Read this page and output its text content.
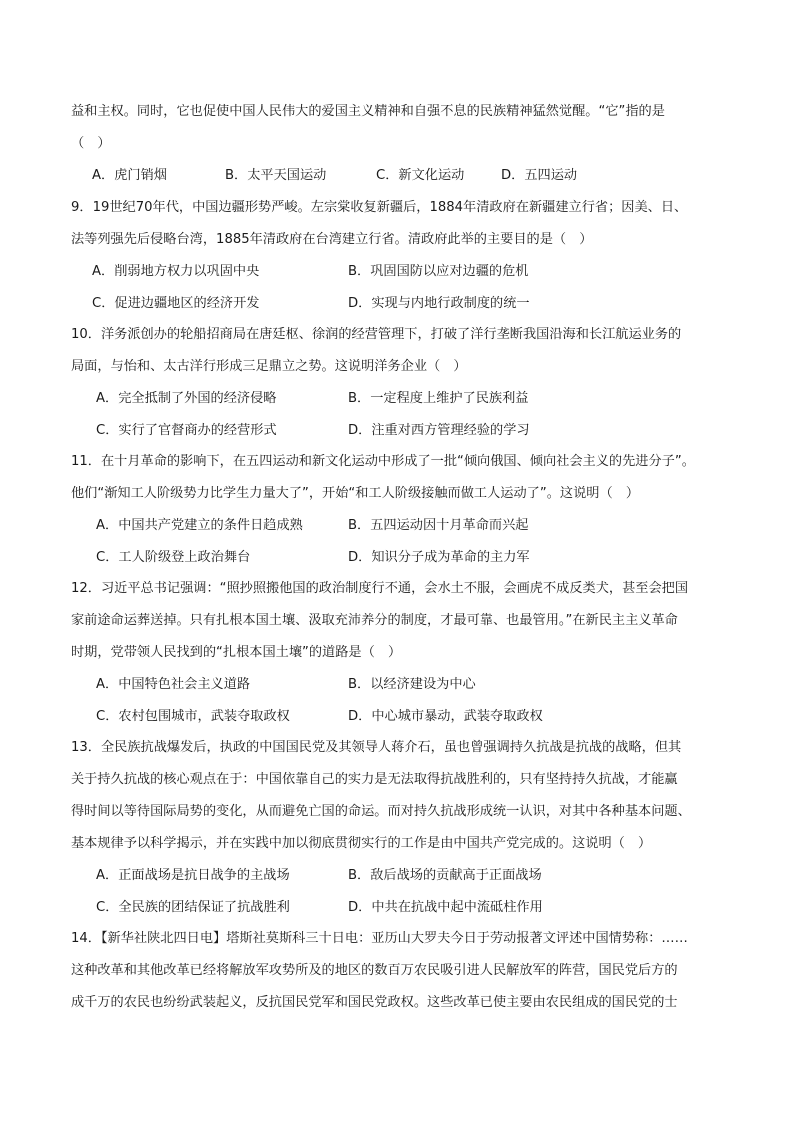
益和主权。同时，它也促使中国人民伟大的爱国主义精神和自强不息的民族精神猛然觉醒。“它”指的是
（　）
A．虎门销烟	B．太平天国运动	C．新文化运动	D．五四运动
9．19世纪70年代，中国边疆形势严峻。左宗棠收复新疆后，1884年清政府在新疆建立行省；因美、日、
法等列强先后侵略台湾，1885年清政府在台湾建立行省。清政府此举的主要目的是（　）
A．削弱地方权力以巩固中央	B．巩固国防以应对边疆的危机
C．促进边疆地区的经济开发	D．实现与内地行政制度的统一
10．洋务派创办的轮船招商局在唐廷枢、徐润的经营管理下，打破了洋行垄断我国沿海和长江航运业务的
局面，与怡和、太古洋行形成三足鼎立之势。这说明洋务企业（　）
A．完全抵制了外国的经济侵略	B．一定程度上维护了民族利益
C．实行了官督商办的经营形式	D．注重对西方管理经验的学习
11．在十月革命的影响下，在五四运动和新文化运动中形成了一批“倾向俄国、倾向社会主义的先进分子”。
他们“渐知工人阶级势力比学生力量大了”，开始“和工人阶级接触而做工人运动了”。这说明（　）
A．中国共产党建立的条件日趋成熟	B．五四运动因十月革命而兴起
C．工人阶级登上政治舞台	D．知识分子成为革命的主力军
12．习近平总书记强调：“照抄照搬他国的政治制度行不通，会水土不服，会画虎不成反类犬，甚至会把国
家前途命运葬送掉。只有扎根本国土壤、汲取充沛养分的制度，才最可靠、也最管用。”在新民主主义革命
时期，党带领人民找到的“扎根本国土壤”的道路是（　）
A．中国特色社会主义道路	B．以经济建设为中心
C．农村包围城市，武装夺取政权	D．中心城市暴动，武装夺取政权
13．全民族抗战爆发后，执政的中国国民党及其领导人蒋介石，虽也曾强调持久抗战是抗战的战略，但其
关于持久抗战的核心观点在于：中国依靠自己的实力是无法取得抗战胜利的，只有坚持持久抗战，才能赢
得时间以等待国际局势的变化，从而避免亡国的命运。而对持久抗战形成统一认识，对其中各种基本问题、
基本规律予以科学揭示，并在实践中加以彻底贯彻实行的工作是由中国共产党完成的。这说明（　）
A．正面战场是抗日战争的主战场	B．敌后战场的贡献高于正面战场
C．全民族的团结保证了抗战胜利	D．中共在抗战中起中流砥柱作用
14．【新华社陕北四日电】塔斯社莫斯科三十日电：亚历山大罗夫今日于劳动报著文评述中国情势称：……
这种改革和其他改革已经将解放军攻势所及的地区的数百万农民吸引进人民解放军的阵营，国民党后方的
成千万的农民也纷纷武装起义，反抗国民党军和国民党政权。这些改革已使主要由农民组成的国民党的士
